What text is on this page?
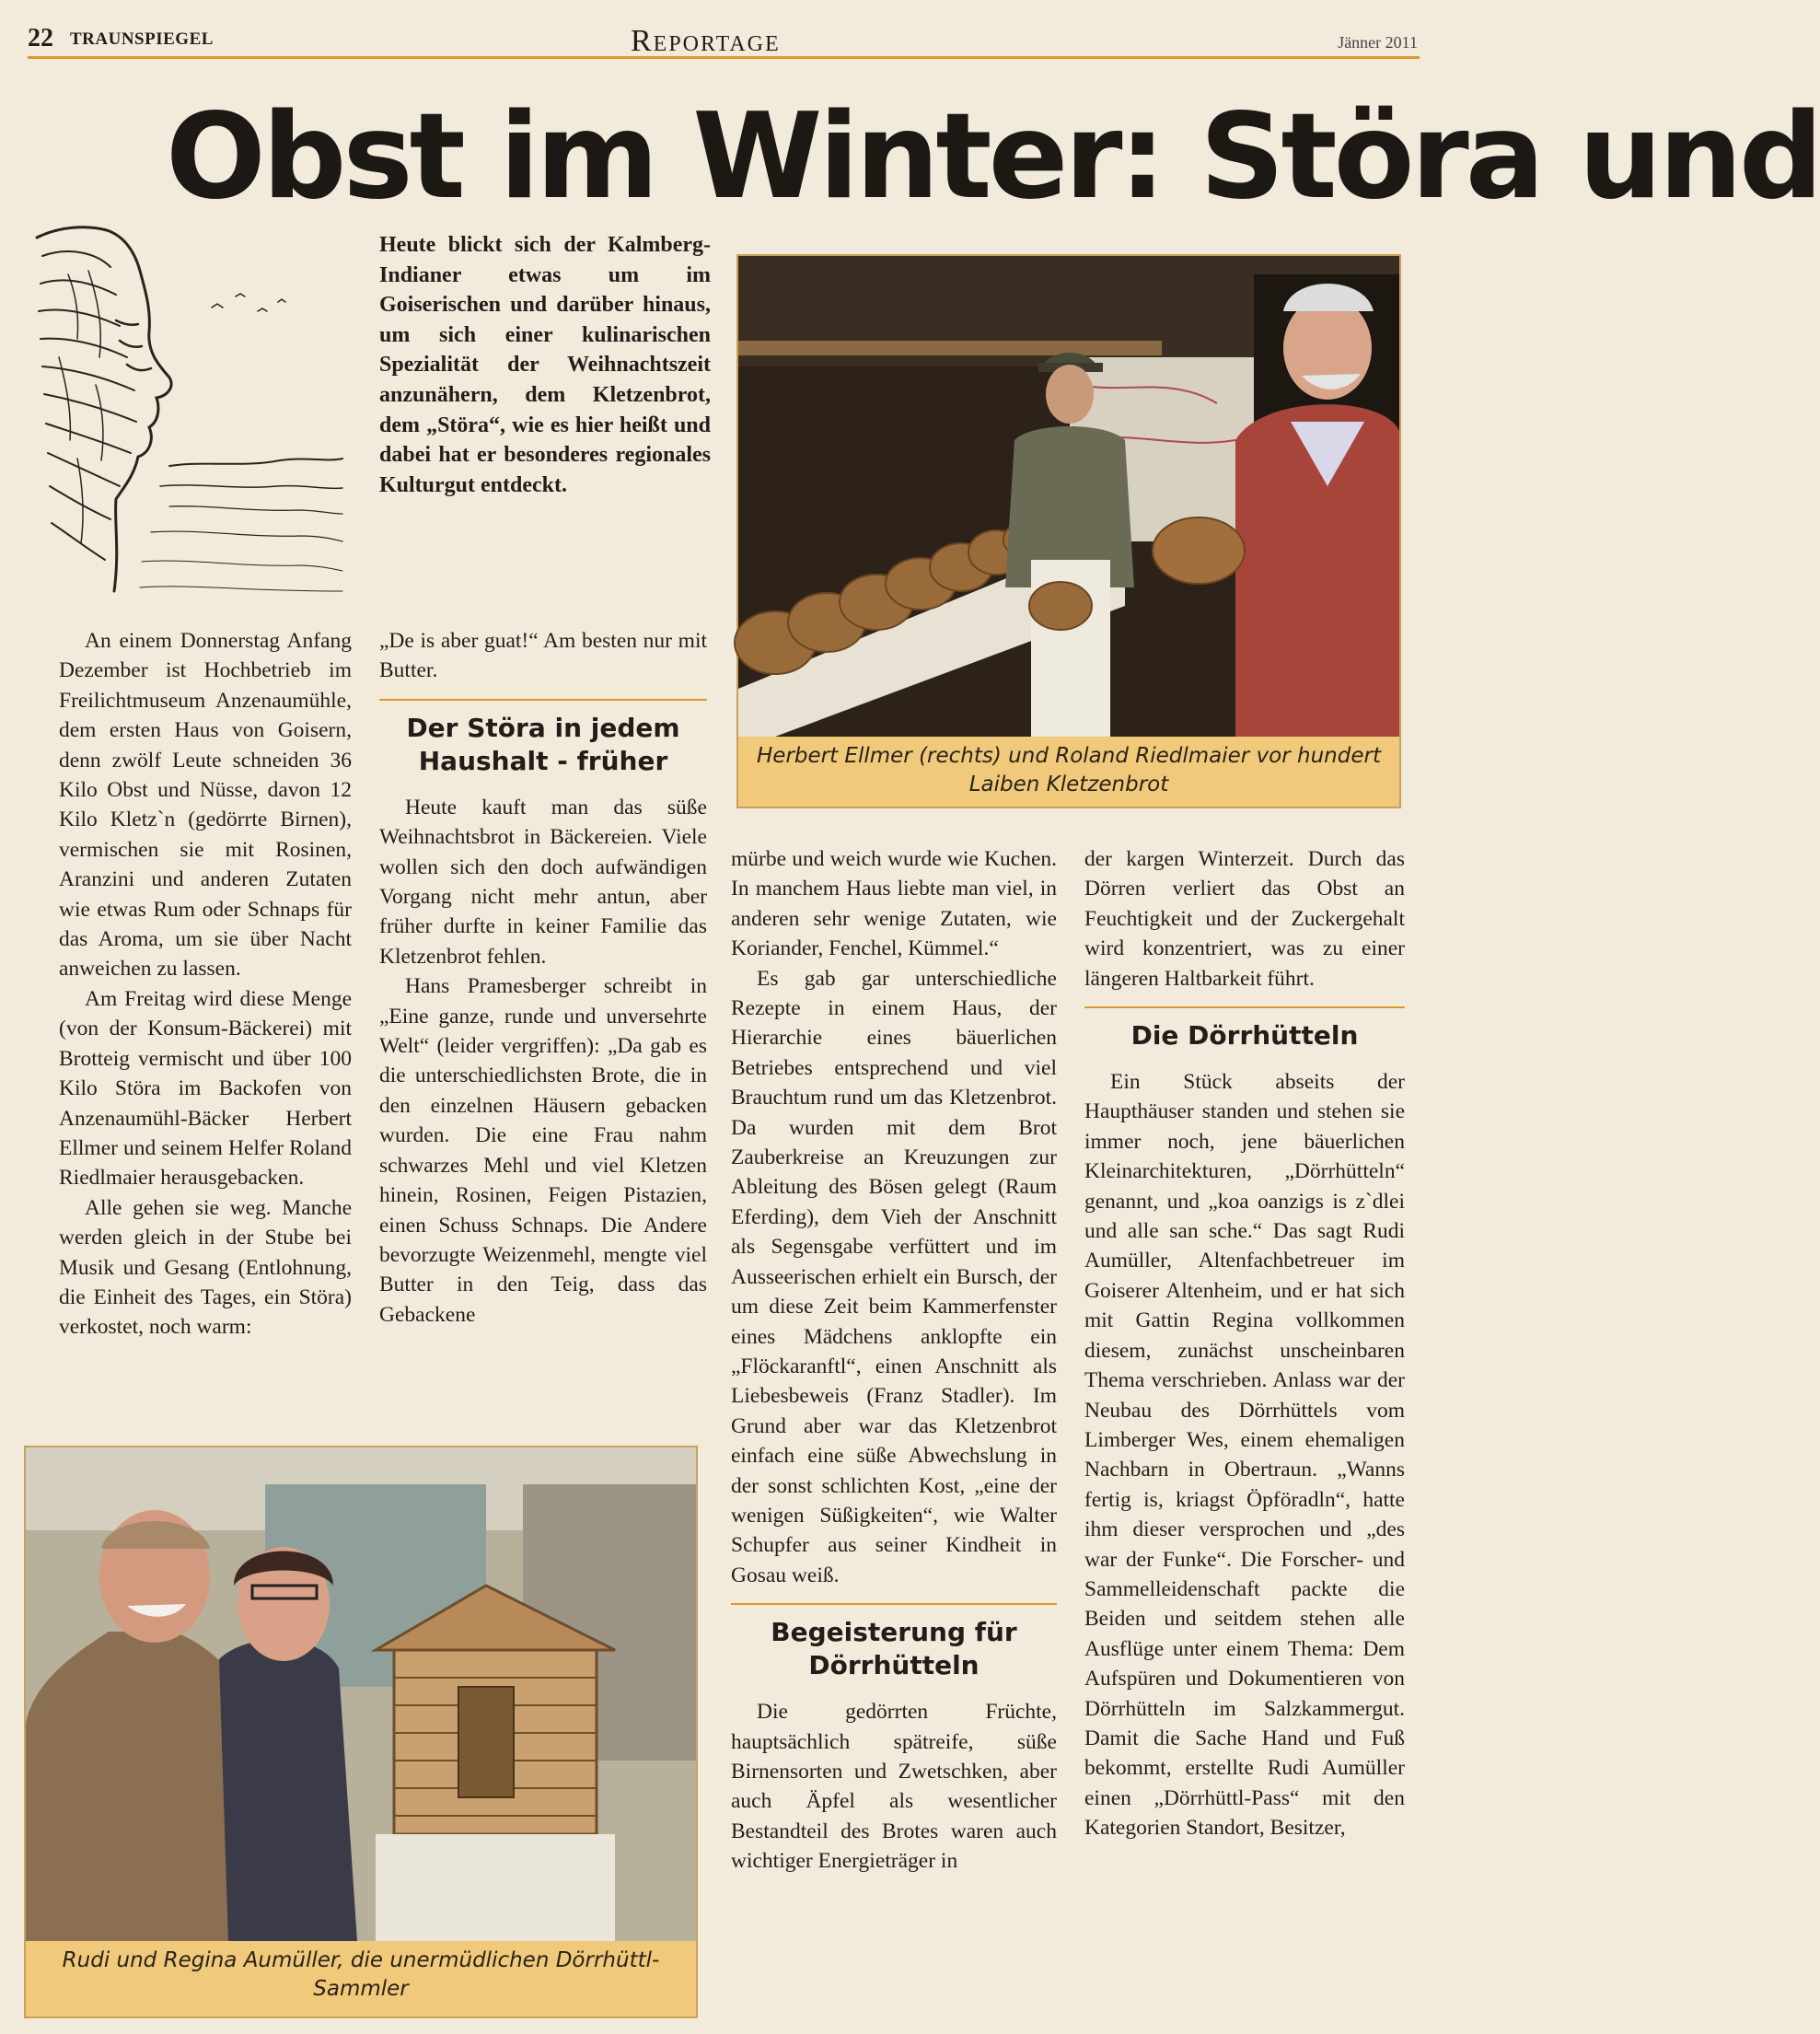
22 TRAUNSPIEGEL	Reportage	Jänner 2011
Obst im Winter: Störa und
Heute blickt sich der Kalmberg-Indianer etwas um im Goiserischen und darüber hinaus, um sich einer kulinarischen Spezialität der Weihnachtszeit anzunähern, dem Kletzenbrot, dem „Störa“, wie es hier heißt und dabei hat er besonderes regionales Kulturgut entdeckt.
Herbert Ellmer (rechts) und Roland Riedlmaier vor hundert Laiben Kletzenbrot

An einem Donnerstag Anfang Dezember ist Hochbetrieb im Freilichtmuseum Anzenaumühle, dem ersten Haus von Goisern, denn zwölf Leute schneiden 36 Kilo Obst und Nüsse, davon 12 Kilo Kletz`n (gedörrte Birnen), vermischen sie mit Rosinen, Aranzini und anderen Zutaten wie etwas Rum oder Schnaps für das Aroma, um sie über Nacht anweichen zu lassen.

Am Freitag wird diese Menge (von der Konsum-Bäckerei) mit Brotteig vermischt und über 100 Kilo Störa im Backofen von Anzenaumühl-Bäcker Herbert Ellmer und seinem Helfer Roland Riedlmaier herausgebacken.

Alle gehen sie weg. Manche werden gleich in der Stube bei Musik und Gesang (Entlohnung, die Einheit des Tages, ein Störa) verkostet, noch warm:

„De is aber guat!“ Am besten nur mit Butter.

Der Störa in jedem Haushalt - früher

Heute kauft man das süße Weihnachtsbrot in Bäckereien. Viele wollen sich den doch aufwändigen Vorgang nicht mehr antun, aber früher durfte in keiner Familie das Kletzenbrot fehlen.

Hans Pramesberger schreibt in „Eine ganze, runde und unversehrte Welt“ (leider vergriffen): „Da gab es die unterschiedlichsten Brote, die in den einzelnen Häusern gebacken wurden. Die eine Frau nahm schwarzes Mehl und viel Kletzen hinein, Rosinen, Feigen Pistazien, einen Schuss Schnaps. Die Andere bevorzugte Weizenmehl, mengte viel Butter in den Teig, dass das Gebackene

mürbe und weich wurde wie Kuchen. In manchem Haus liebte man viel, in anderen sehr wenige Zutaten, wie Koriander, Fenchel, Kümmel.“

Es gab gar unterschiedliche Rezepte in einem Haus, der Hierarchie eines bäuerlichen Betriebes entsprechend und viel Brauchtum rund um das Kletzenbrot. Da wurden mit dem Brot Zauberkreise an Kreuzungen zur Ableitung des Bösen gelegt (Raum Eferding), dem Vieh der Anschnitt als Segensgabe verfüttert und im Ausseerischen erhielt ein Bursch, der um diese Zeit beim Kammerfenster eines Mädchens anklopfte ein „Flöckaranftl“, einen Anschnitt als Liebesbeweis (Franz Stadler). Im Grund aber war das Kletzenbrot einfach eine süße Abwechslung in der sonst schlichten Kost, „eine der wenigen Süßigkeiten“, wie Walter Schupfer aus seiner Kindheit in Gosau weiß.

Begeisterung für Dörrhütteln

Die gedörrten Früchte, hauptsächlich spätreife, süße Birnensorten und Zwetschken, aber auch Äpfel als wesentlicher Bestandteil des Brotes waren auch wichtiger Energieträger in

der kargen Winterzeit. Durch das Dörren verliert das Obst an Feuchtigkeit und der Zuckergehalt wird konzentriert, was zu einer längeren Haltbarkeit führt.

Die Dörrhütteln

Ein Stück abseits der Haupthäuser standen und stehen sie immer noch, jene bäuerlichen Kleinarchitekturen, „Dörrhütteln“ genannt, und „koa oanzigs is z`dlei und alle san sche.“ Das sagt Rudi Aumüller, Altenfachbetreuer im Goiserer Altenheim, und er hat sich mit Gattin Regina vollkommen diesem, zunächst unscheinbaren Thema verschrieben. Anlass war der Neubau des Dörrhüttels vom Limberger Wes, einem ehemaligen Nachbarn in Obertraun. „Wanns fertig is, kriagst Öpföradln“, hatte ihm dieser versprochen und „des war der Funke“. Die Forscher- und Sammelleidenschaft packte die Beiden und seitdem stehen alle Ausflüge unter einem Thema: Dem Aufspüren und Dokumentieren von Dörrhütteln im Salzkammergut. Damit die Sache Hand und Fuß bekommt, erstellte Rudi Aumüller einen „Dörrhüttl-Pass“ mit den Kategorien Standort, Besitzer,

Rudi und Regina Aumüller, die unermüdlichen Dörrhüttl-Sammler
